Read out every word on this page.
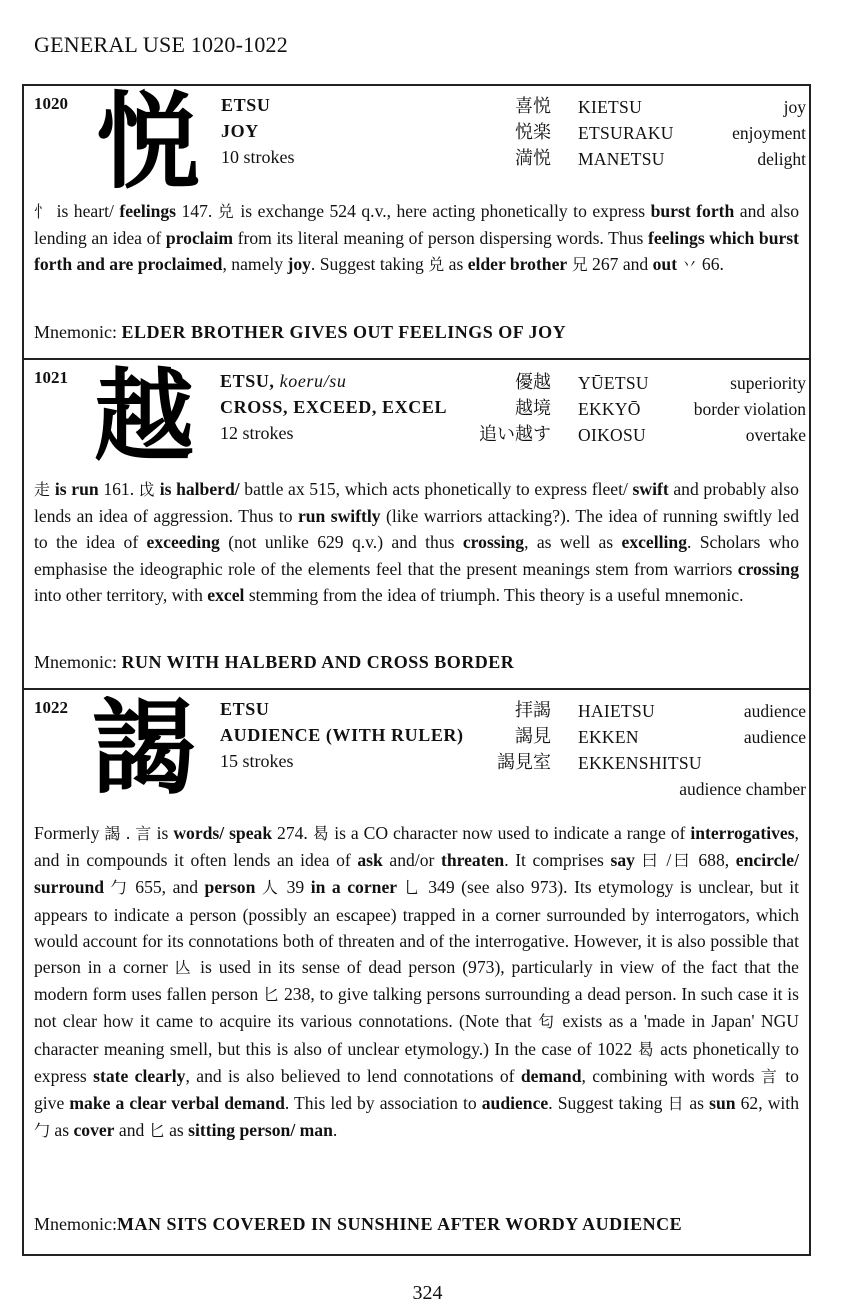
GENERAL USE 1020-1022
1020 悦 ETSU
JOY
10 strokes
喜悦 KIETSU	joy
悦楽 ETSURAKU	enjoyment
満悦 MANETSU	delight
忄 is heart/ feelings 147. 兑 is exchange 524 q.v., here acting phonetically to express burst forth and also lending an idea of proclaim from its literal meaning of person dispersing words. Thus feelings which burst forth and are proclaimed, namely joy. Suggest taking 兑 as elder brother 兄 267 and out 丷 66.
Mnemonic: ELDER BROTHER GIVES OUT FEELINGS OF JOY
1021 越 ETSU, koeru/su
CROSS, EXCEED, EXCEL
12 strokes
優越 YŪETSU	superiority
越境 EKKYŌ	border violation
追い越す OIKOSU	overtake
走 is run 161. 戉 is halberd/ battle ax 515, which acts phonetically to express fleet/ swift and probably also lends an idea of aggression. Thus to run swiftly (like warriors attacking?). The idea of running swiftly led to the idea of exceeding (not unlike 629 q.v.) and thus crossing, as well as excelling. Scholars who emphasise the ideographic role of the elements feel that the present meanings stem from warriors crossing into other territory, with excel stemming from the idea of triumph. This theory is a useful mnemonic.
Mnemonic: RUN WITH HALBERD AND CROSS BORDER
1022 謁 ETSU
AUDIENCE (WITH RULER)
15 strokes
拝謁 HAIETSU	audience
謁見 EKKEN	audience
謁見室 EKKENSHITSU
audience chamber
Formerly 謁 . 言 is words/ speak 274. 曷 is a CO character now used to indicate a range of interrogatives, and in compounds it often lends an idea of ask and/or threaten. It comprises say 曰 /曰 688, encircle/ surround 勹 655, and person 人 39 in a corner 乚 349 (see also 973). Its etymology is unclear, but it appears to indicate a person (possibly an escapee) trapped in a corner surrounded by interrogators, which would account for its connotations both of threaten and of the interrogative. However, it is also possible that person in a corner 亾 is used in its sense of dead person (973), particularly in view of the fact that the modern form uses fallen person 匕 238, to give talking persons surrounding a dead person. In such case it is not clear how it came to acquire its various connotations. (Note that 匂 exists as a 'made in Japan' NGU character meaning smell, but this is also of unclear etymology.) In the case of 1022 曷 acts phonetically to express state clearly, and is also believed to lend connotations of demand, combining with words 言 to give make a clear verbal demand. This led by association to audience. Suggest taking 日 as sun 62, with 勹 as cover and 匕 as sitting person/ man.
Mnemonic:MAN SITS COVERED IN SUNSHINE AFTER WORDY AUDIENCE
324
